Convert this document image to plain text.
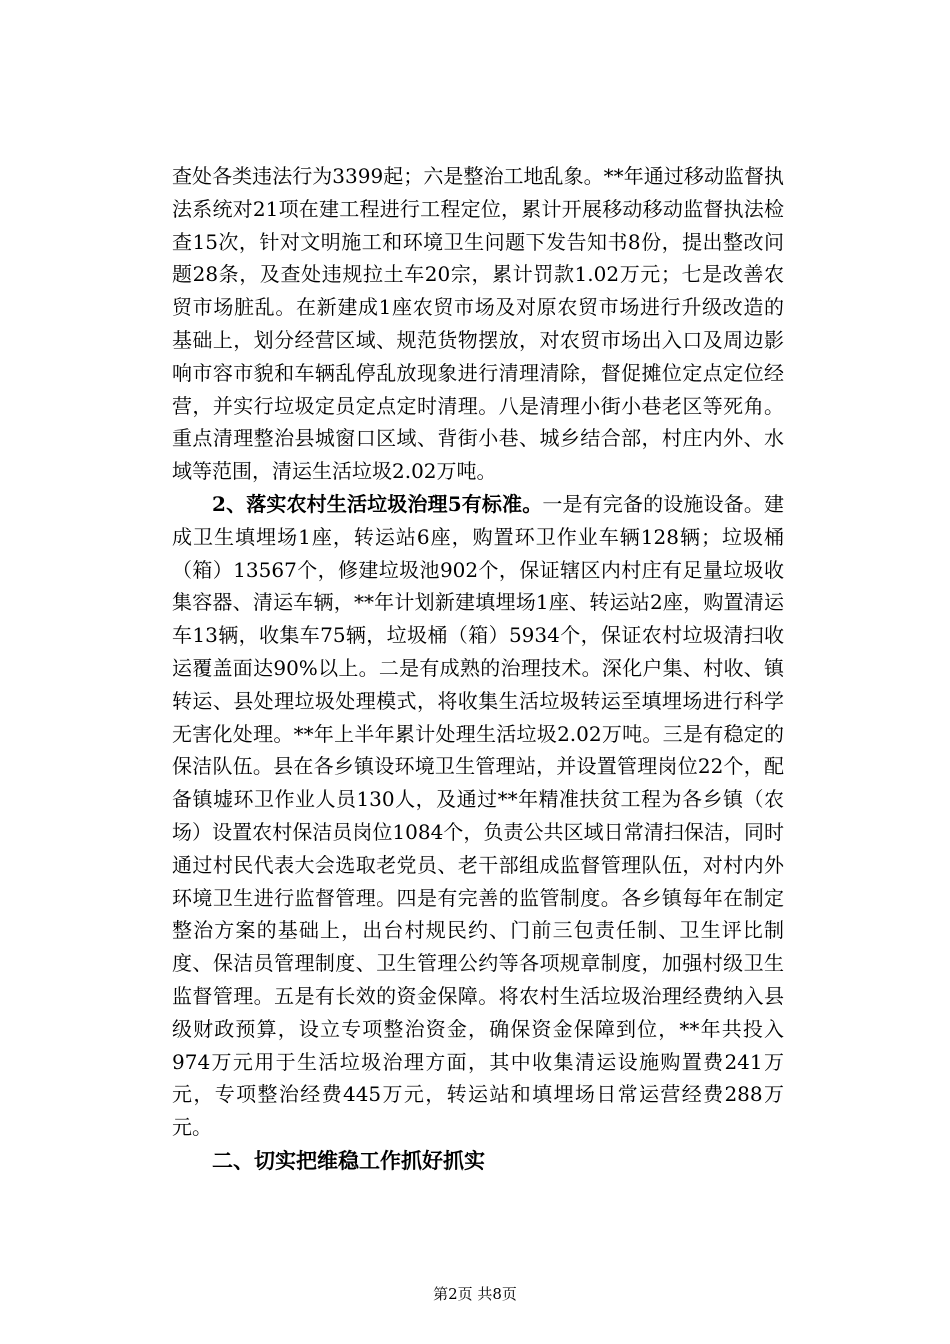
查处各类违法行为3399起；六是整治工地乱象。**年通过移动监督执法系统对21项在建工程进行工程定位，累计开展移动移动监督执法检查15次，针对文明施工和环境卫生问题下发告知书8份，提出整改问题28条，及查处违规拉土车20宗，累计罚款1.02万元；七是改善农贸市场脏乱。在新建成1座农贸市场及对原农贸市场进行升级改造的基础上，划分经营区域、规范货物摆放，对农贸市场出入口及周边影响市容市貌和车辆乱停乱放现象进行清理清除，督促摊位定点定位经营，并实行垃圾定员定点定时清理。八是清理小街小巷老区等死角。重点清理整治县城窗口区域、背街小巷、城乡结合部，村庄内外、水域等范围，清运生活垃圾2.02万吨。

2、落实农村生活垃圾治理5有标准。一是有完备的设施设备。建成卫生填埋场1座，转运站6座，购置环卫作业车辆128辆；垃圾桶（箱）13567个，修建垃圾池902个，保证辖区内村庄有足量垃圾收集容器、清运车辆，**年计划新建填埋场1座、转运站2座，购置清运车13辆，收集车75辆，垃圾桶（箱）5934个，保证农村垃圾清扫收运覆盖面达90%以上。二是有成熟的治理技术。深化户集、村收、镇转运、县处理垃圾处理模式，将收集生活垃圾转运至填埋场进行科学无害化处理。**年上半年累计处理生活垃圾2.02万吨。三是有稳定的保洁队伍。县在各乡镇设环境卫生管理站，并设置管理岗位22个，配备镇墟环卫作业人员130人，及通过**年精准扶贫工程为各乡镇（农场）设置农村保洁员岗位1084个，负责公共区域日常清扫保洁，同时通过村民代表大会选取老党员、老干部组成监督管理队伍，对村内外环境卫生进行监督管理。四是有完善的监管制度。各乡镇每年在制定整治方案的基础上，出台村规民约、门前三包责任制、卫生评比制度、保洁员管理制度、卫生管理公约等各项规章制度，加强村级卫生监督管理。五是有长效的资金保障。将农村生活垃圾治理经费纳入县级财政预算，设立专项整治资金，确保资金保障到位，**年共投入974万元用于生活垃圾治理方面，其中收集清运设施购置费241万元，专项整治经费445万元，转运站和填埋场日常运营经费288万元。

二、切实把维稳工作抓好抓实
第2页 共8页
